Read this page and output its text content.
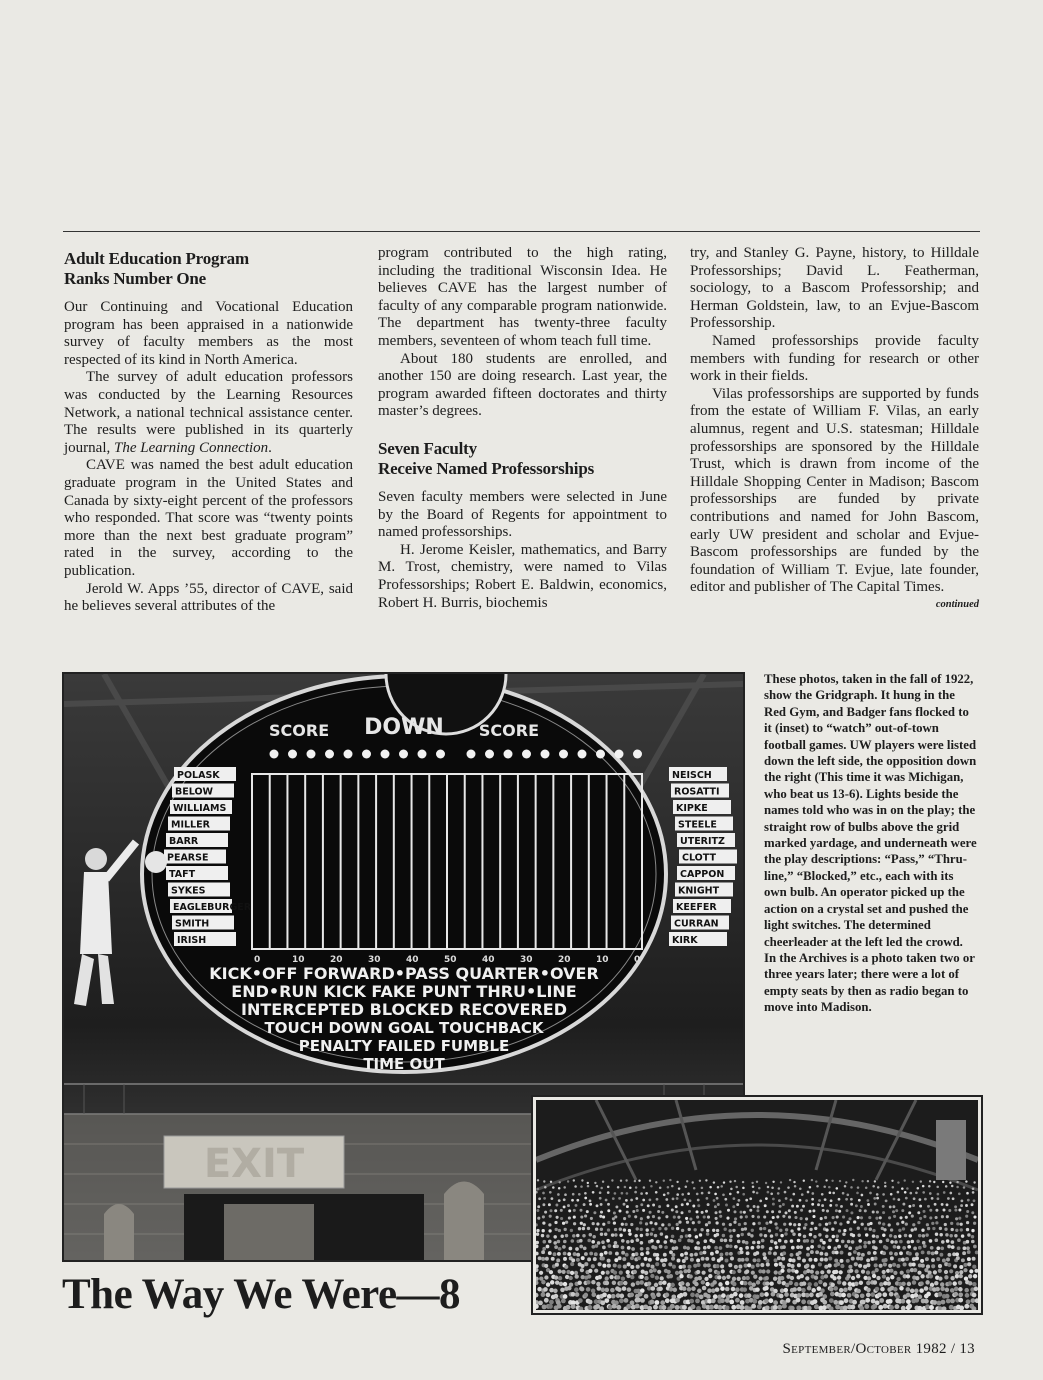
Adult Education Program
Ranks Number One

Our Continuing and Vocational Education program has been appraised in a nationwide survey of faculty members as the most respected of its kind in North America.

The survey of adult education professors was conducted by the Learning Resources Network, a national technical assistance center. The results were published in its quarterly journal, The Learning Connection.

CAVE was named the best adult education graduate program in the United States and Canada by sixty-eight percent of the professors who responded. That score was “twenty points more than the next best graduate program” rated in the survey, according to the publication.

Jerold W. Apps ’55, director of CAVE, said he believes several attributes of the

program contributed to the high rating, including the traditional Wisconsin Idea. He believes CAVE has the largest number of faculty of any comparable program nationwide. The department has twenty-three faculty members, seventeen of whom teach full time.

About 180 students are enrolled, and another 150 are doing research. Last year, the program awarded fifteen doctorates and thirty master’s degrees.

Seven Faculty
Receive Named Professorships

Seven faculty members were selected in June by the Board of Regents for appointment to named professorships.

H. Jerome Keisler, mathematics, and Barry M. Trost, chemistry, were named to Vilas Professorships; Robert E. Baldwin, economics, Robert H. Burris, biochemis

try, and Stanley G. Payne, history, to Hilldale Professorships; David L. Featherman, sociology, to a Bascom Professorship; and Herman Goldstein, law, to an Evjue-Bascom Professorship.

Named professorships provide faculty members with funding for research or other work in their fields.

Vilas professorships are supported by funds from the estate of William F. Vilas, an early alumnus, regent and U.S. statesman; Hilldale professorships are sponsored by the Hilldale Trust, which is drawn from income of the Hilldale Shopping Center in Madison; Bascom professorships are funded by private contributions and named for John Bascom, early UW president and scholar and Evjue-Bascom professorships are funded by the foundation of William T. Evjue, late founder, editor and publisher of The Capital Times.

continued
EXIT
SCORE DOWN SCORE
0	10	20	30	40	50	40	30	20	10	0
POLASK
BELOW
WILLIAMS
MILLER
BARR
PEARSE
TAFT
SYKES
EAGLEBURGER
SMITH
IRISH
NEISCH
ROSATTI
KIPKE
STEELE
UTERITZ
CLOTT
CAPPON
KNIGHT
KEEFER
CURRAN
KIRK
KICK•OFF FORWARD•PASS QUARTER•OVER
END•RUN KICK FAKE PUNT THRU•LINE
INTERCEPTED BLOCKED RECOVERED
TOUCH DOWN GOAL TOUCHBACK
PENALTY FAILED FUMBLE
TIME OUT
These photos, taken in the fall of 1922, show the Gridgraph. It hung in the Red Gym, and Badger fans flocked to it (inset) to “watch” out-of-town football games. UW players were listed down the left side, the opposition down the right (This time it was Michigan, who beat us 13-6). Lights beside the names told who was in on the play; the straight row of bulbs above the grid marked yardage, and underneath were the play descriptions: “Pass,” “Thru-line,” “Blocked,” etc., each with its own bulb. An operator picked up the action on a crystal set and pushed the light switches. The determined cheerleader at the left led the crowd. In the Archives is a photo taken two or three years later; there were a lot of empty seats by then as radio began to move into Madison.
The Way We Were—8
September/October 1982 / 13
